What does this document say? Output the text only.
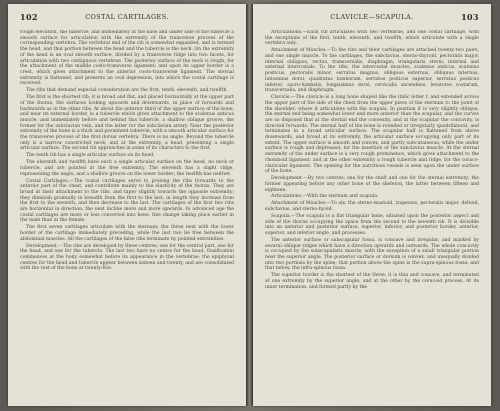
102	COSTAL CARTILAGES.

rough elevation, the tubercle; and immediately at the base and under side of the tubercle a smooth surface for articulation with the extremity of the transverse process of the corresponding vertebra. The vertebral end of the rib is somewhat expanded, and is termed the head, and that portion between the head and the tubercle is the neck. On the extremity of the head is an oval smooth surface, divided by a transverse ridge into two facets, for articulation with two contiguous vertebrae. The posterior surface of the neck is rough, for the attachment of the middle costo-transverse ligament; and upon its upper border is a crest, which gives attachment to the anterior costo-transverse ligament. The sternal extremity is flattened, and presents an oval depression, into which the costal cartilage is received.

The ribs that demand especial consideration are the first, tenth, eleventh, and twelfth.

The first is the shortest rib; it is broad and flat, and placed horizontally at the upper part of the thorax, the surfaces looking upwards and downwards, in place of forwards and backwards as in the other ribs. At about the anterior third of the upper surface of the bone, and near its external border, is a tubercle which gives attachment to the scalenus anticus muscle, and immediately before and behind this tubercle, a shallow oblique groove, the former for the subclavian vein, and the latter for the subclavian artery. Near the posterior extremity of the bone is a thick and prominent tubercle, with a smooth articular surface for the transverse process of the first dorsal vertebra. There is no angle. Beyond the tubercle only is a narrow constricted neck; and at the extremity, a head, presenting a single articular surface. The second rib approaches in some of its characters to the first.

The tenth rib has a single articular surface on its head.

The eleventh and twelfth have each a single articular surface on the head, no neck or tubercle, and are pointed at the free extremity. The eleventh has a slight ridge, representing the angle, and a shallow groove on the lower border; the twelfth has neither.

Costal Cartilages.—The costal cartilages serve to prolong the ribs forwards to the anterior part of the chest, and contribute mainly to the elasticity of the thorax. They are broad at their attachment to the ribs, and taper slightly towards the opposite extremity; they diminish gradually in breadth from the first to the last; in length they increase from the first to the seventh, and then decrease to the last. The cartilages of the first two ribs are horizontal in direction, the next incline more and more upwards. In advanced age the costal cartilages are more or less converted into bone, this change taking place earlier in the male than in the female.

The first seven cartilages articulate with the sternum; the three next with the lower border of the cartilage immediately preceding, while the last two lie free between the abdominal muscles. All the cartilages of the false ribs terminate by pointed extremities.

Development.—The ribs are developed by three centres; one for the central part, one for the head, and one for the tubercle. The last two have no centre for the head. Ossification commences at the body somewhat before its appearance in the vertebrae; the epiphysal centres for the head and tubercle appear between sixteen and twenty, and are consolidated with the rest of the bone at twenty-five.

CLAVICLE—SCAPULA.	103

Articulations.—Each rib articulates with two vertebrae, and one costal cartilage, with the exceptions of the first, tenth, eleventh, and twelfth, which articulate with a single vertebra only.

Attachment of Muscles.—To the ribs and their cartilages are attached twenty-two pairs, and one single muscle. To the cartilages, the subclavius, sterno-thyroid, pectoralis major, internal obliquus, rectus, transversalis, diaphragm, triangularis sterni, internal and external intercostals. To the ribs, the intercostal muscles, scalenus anticus, scalenus posticus, pectoralis minor, serratus magnus, obliquus externus, obliquus internus, latissimus dorsi, quadratus lumborum, serratus posticus superior, serratus posticus inferior, sacro-lumbalis, longissimus dorsi, cervicalis ascendens, levatores costarum, transversalis, and diaphragm.

Clavicle.—The clavicle is a long bone shaped like the italic letter f, and extended across the upper part of the side of the chest from the upper piece of the sternum to the point of the shoulder, where it articulates with the scapula. In position it is very slightly oblique, the sternal end being somewhat lower and more anterior than the scapular, and the curves are so disposed that at the sternal end the convexity, and at the scapular the concavity, is directed forwards. The sternal half of the bone is rounded or irregularly quadrilateral, and terminates in a broad articular surface. The scapular half is flattened from above downwards, and broad at its extremity, the articular surface occupying only part of its extent. The upper surface is smooth and convex, and partly subcutaneous; while the under surface is rough and depressed, for the insertion of the subclavius muscle. At the sternal extremity of the under surface is a very rough prominence, which gives attachment to the rhomboid ligament; and at the other extremity a rough tubercle and ridge, for the coraco-clavicular ligament. The opening for the nutritious vessels is seen upon the under surface of the bone.

Development.—By two centres; one for the shaft and one for the sternal extremity; the former appearing before any other bone of the skeleton, the latter between fifteen and eighteen.

Articulations.—With the sternum and scapula.

Attachment of Muscles.—To six: the sterno-mastoid, trapezius, pectoralis major, deltoid, subclavius, and sterno-hyoid.

Scapula.—The scapula is a flat triangular bone, situated upon the posterior aspect and side of the thorax occupying the space from the second to the seventh rib. It is divisible into an anterior and posterior surface, superior, inferior, and posterior border, anterior, superior, and inferior angle, and processes.

The anterior surface or subscapular fossa, is concave and irregular, and marked by several oblique ridges which have a direction upwards and outwards. The whole concavity is occupied by the subscapularis muscle, with the exception of a small triangular portion near the superior angle. The posterior surface or dorsum is convex, and unequally divided into two portions by the spine; that portion above the spine is the supra-spinous fossa; and that below, the infra-spinous fossa.

The superior border is the shortest of the three; it is thin and concave, and terminated at one extremity by the superior angle, and at the other by the coracoid process. At its inner termination, and formed partly by the
